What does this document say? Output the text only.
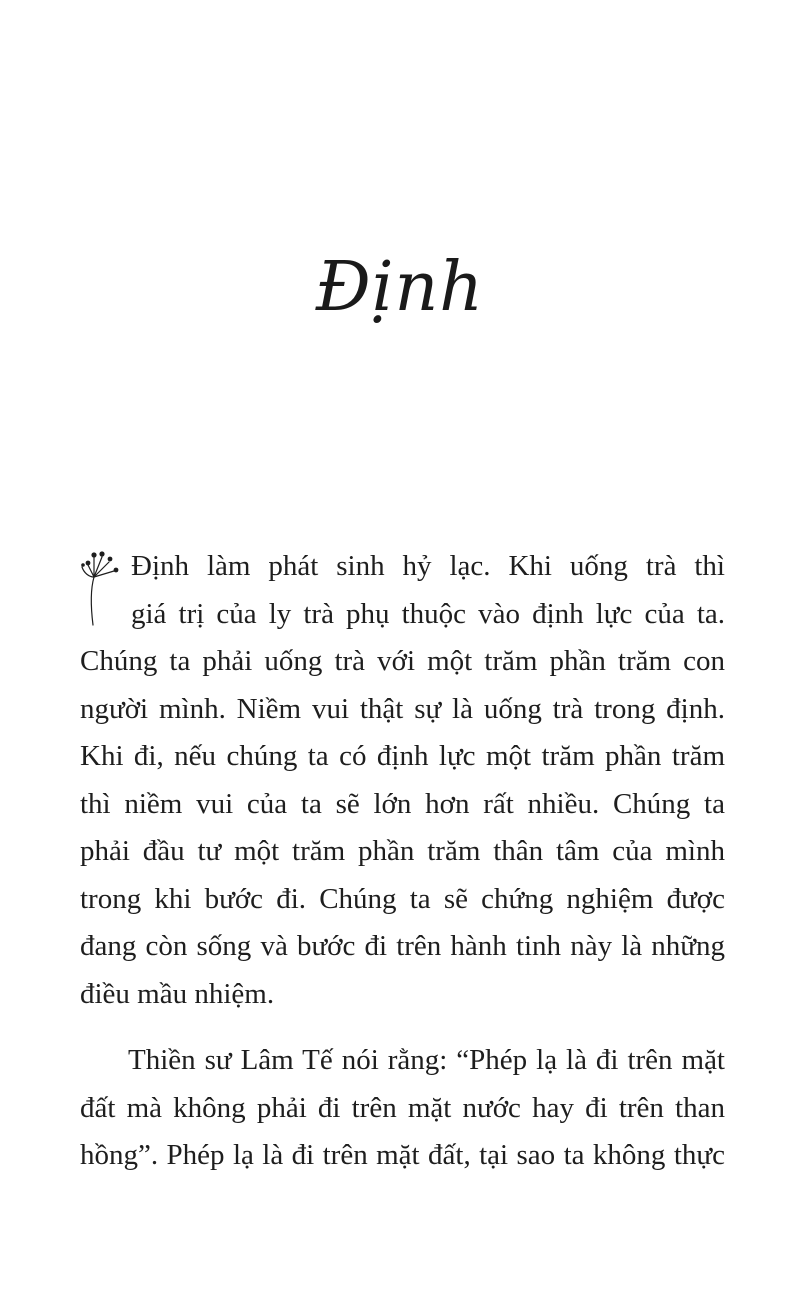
Định
Định làm phát sinh hỷ lạc. Khi uống trà thì
giá trị của ly trà phụ thuộc vào định lực của ta.
Chúng ta phải uống trà với một trăm phần trăm con
người mình. Niềm vui thật sự là uống trà trong định.
Khi đi, nếu chúng ta có định lực một trăm phần trăm
thì niềm vui của ta sẽ lớn hơn rất nhiều. Chúng ta
phải đầu tư một trăm phần trăm thân tâm của mình
trong khi bước đi. Chúng ta sẽ chứng nghiệm được
đang còn sống và bước đi trên hành tinh này là những
điều mầu nhiệm.
Thiền sư Lâm Tế nói rằng: “Phép lạ là đi trên mặt
đất mà không phải đi trên mặt nước hay đi trên than
hồng”. Phép lạ là đi trên mặt đất, tại sao ta không thực
